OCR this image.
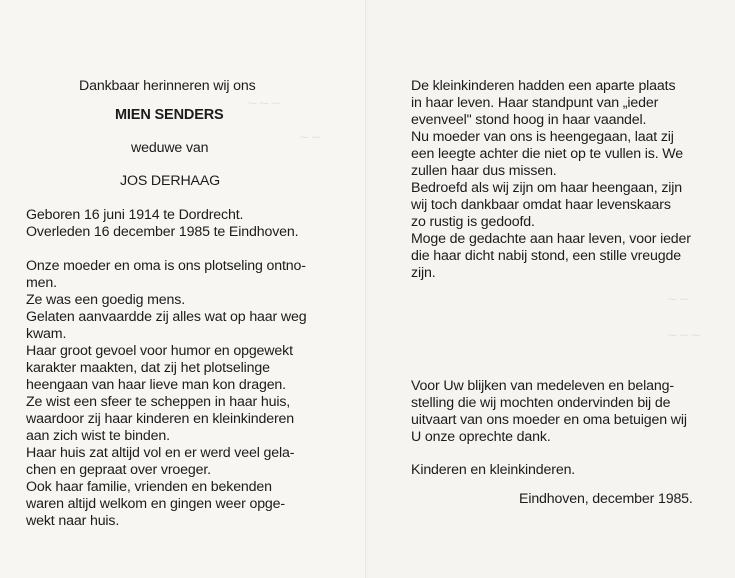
⁓ ⁓ ⁓
⁓ ⁓
Dankbaar herinneren wij ons
MIEN SENDERS
weduwe van
JOS DERHAAG
Geboren 16 juni 1914 te Dordrecht.
Overleden 16 december 1985 te Eindhoven.
Onze moeder en oma is ons plotseling ontno-
men.
Ze was een goedig mens.
Gelaten aanvaardde zij alles wat op haar weg
kwam.
Haar groot gevoel voor humor en opgewekt
karakter maakten, dat zij het plotselinge
heengaan van haar lieve man kon dragen.
Ze wist een sfeer te scheppen in haar huis,
waardoor zij haar kinderen en kleinkinderen
aan zich wist te binden.
Haar huis zat altijd vol en er werd veel gela-
chen en gepraat over vroeger.
Ook haar familie, vrienden en bekenden
waren altijd welkom en gingen weer opge-
wekt naar huis.
⁓ ⁓
⁓ ⁓ ⁓
De kleinkinderen hadden een aparte plaats
in haar leven. Haar standpunt van „ieder
evenveel" stond hoog in haar vaandel.
Nu moeder van ons is heengegaan, laat zij
een leegte achter die niet op te vullen is. We
zullen haar dus missen.
Bedroefd als wij zijn om haar heengaan, zijn
wij toch dankbaar omdat haar levenskaars
zo rustig is gedoofd.
Moge de gedachte aan haar leven, voor ieder
die haar dicht nabij stond, een stille vreugde
zijn.
Voor Uw blijken van medeleven en belang-
stelling die wij mochten ondervinden bij de
uitvaart van ons moeder en oma betuigen wij
U onze oprechte dank.
Kinderen en kleinkinderen.
Eindhoven, december 1985.
